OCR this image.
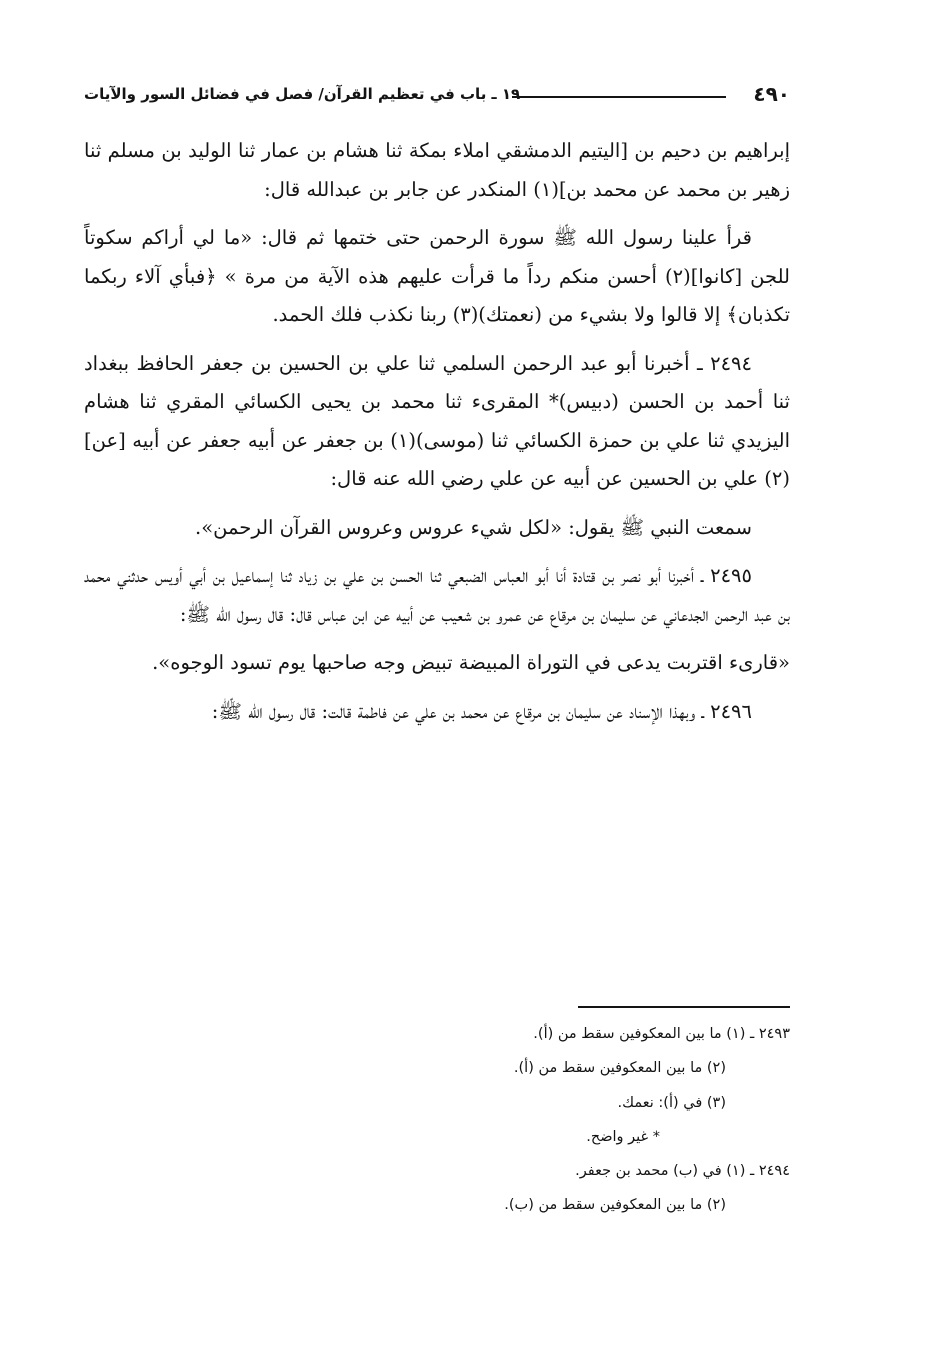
٤٩٠
١٩ ـ باب في تعظيم القرآن/ فصل في فضائل السور والآيات

إبراهيم بن دحيم بن [اليتيم الدمشقي املاء بمكة ثنا هشام بن عمار ثنا الوليد بن مسلم ثنا زهير بن محمد عن محمد بن](١) المنكدر عن جابر بن عبدالله قال:

قرأ علينا رسول الله ﷺ سورة الرحمن حتى ختمها ثم قال: «ما لي أراكم سكوتاً للجن [كانوا](٢) أحسن منكم رداً ما قرأت عليهم هذه الآية من مرة » ﴿فبأي آلاء ربكما تكذبان﴾ إلا قالوا ولا بشيء من (نعمتك)(٣) ربنا نكذب فلك الحمد.

٢٤٩٤ ـ أخبرنا أبو عبد الرحمن السلمي ثنا علي بن الحسين بن جعفر الحافظ ببغداد ثنا أحمد بن الحسن (دبيس)* المقرىء ثنا محمد بن يحيى الكسائي المقري ثنا هشام اليزيدي ثنا علي بن حمزة الكسائي ثنا (موسى)(١) بن جعفر عن أبيه جعفر عن أبيه [عن](٢) علي بن الحسين عن أبيه عن علي رضي الله عنه قال:

سمعت النبي ﷺ يقول: «لكل شيء عروس وعروس القرآن الرحمن».

٢٤٩٥ ـ أخبرنا أبو نصر بن قتادة أنا أبو العباس الضبعي ثنا الحسن بن علي بن زياد ثنا إسماعيل بن أبي أويس حدثني محمد بن عبد الرحمن الجدعاني عن سليمان بن مرقاع عن عمرو بن شعيب عن أبيه عن ابن عباس قال: قال رسول الله ﷺ:

«قارىء اقتربت يدعى في التوراة المبيضة تبيض وجه صاحبها يوم تسود الوجوه».

٢٤٩٦ ـ وبهذا الإسناد عن سليمان بن مرقاع عن محمد بن علي عن فاطمة قالت: قال رسول الله ﷺ:

٢٤٩٣ ـ (١) ما بين المعكوفين سقط من (أ).

(٢) ما بين المعكوفين سقط من (أ).

(٣) في (أ): نعمك.

* غير واضح.

٢٤٩٤ ـ (١) في (ب) محمد بن جعفر.

(٢) ما بين المعكوفين سقط من (ب).
